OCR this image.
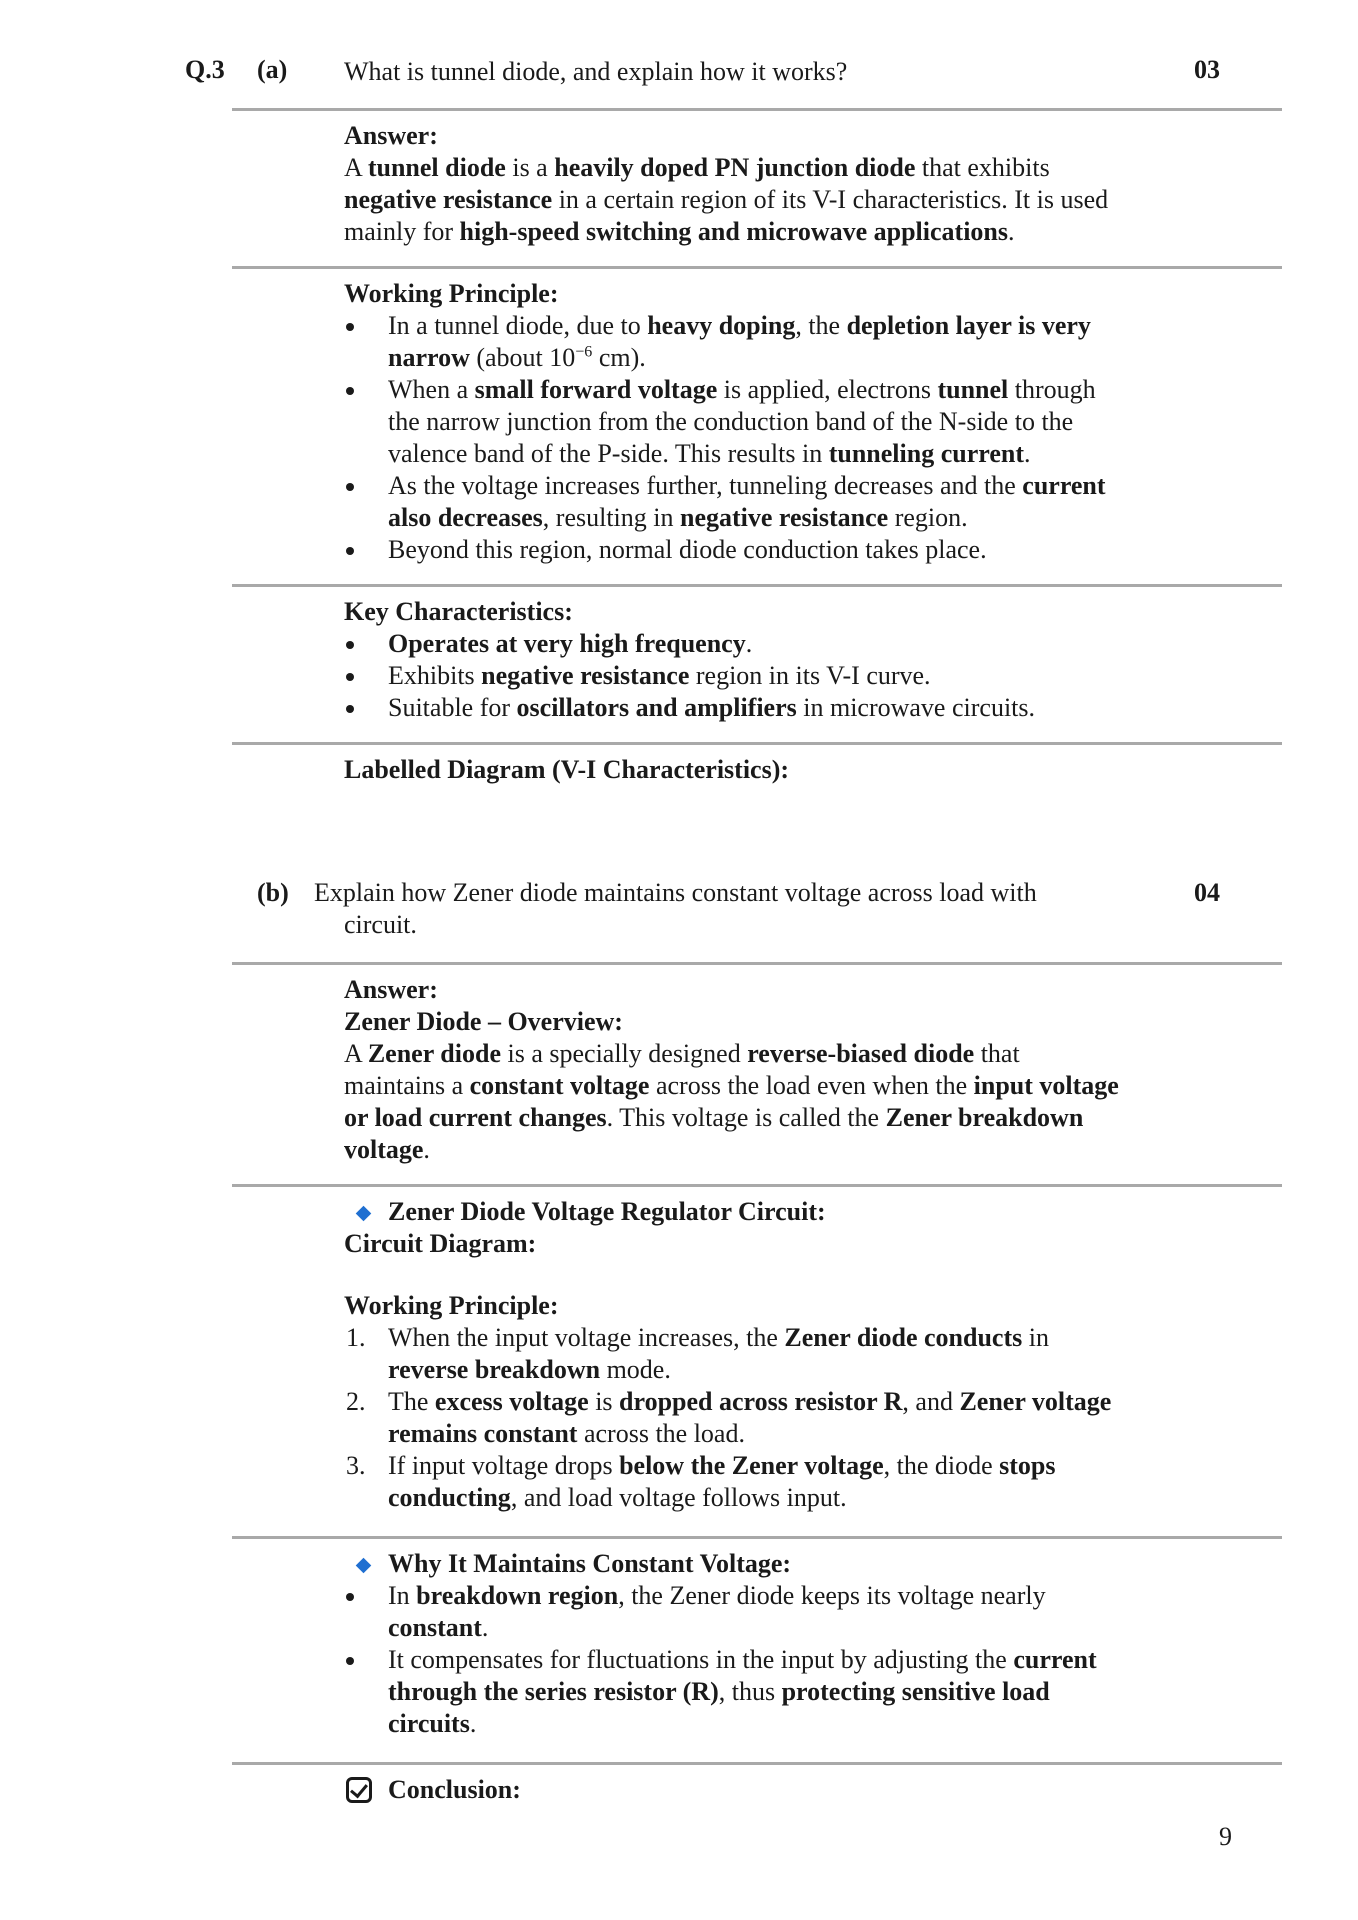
Q.3 (a) What is tunnel diode, and explain how it works?	03
Answer:
A tunnel diode is a heavily doped PN junction diode that exhibits
negative resistance in a certain region of its V-I characteristics. It is used
mainly for high-speed switching and microwave applications.
Working Principle:
In a tunnel diode, due to heavy doping, the depletion layer is very
narrow (about $10^{-6}$ cm).
When a small forward voltage is applied, electrons tunnel through
the narrow junction from the conduction band of the N-side to the
valence band of the P-side. This results in tunneling current.
As the voltage increases further, tunneling decreases and the current
also decreases, resulting in negative resistance region.
Beyond this region, normal diode conduction takes place.
Key Characteristics:
Operates at very high frequency.
Exhibits negative resistance region in its V-I curve.
Suitable for oscillators and amplifiers in microwave circuits.
Labelled Diagram (V-I Characteristics):
(b) Explain how Zener diode maintains constant voltage across load with
circuit.
04
Answer:
Zener Diode – Overview:
A Zener diode is a specially designed reverse-biased diode that
maintains a constant voltage across the load even when the input voltage
or load current changes. This voltage is called the Zener breakdown
voltage.
Zener Diode Voltage Regulator Circuit:
Circuit Diagram:
Working Principle:
1. When the input voltage increases, the Zener diode conducts in
reverse breakdown mode.
2. The excess voltage is dropped across resistor R, and Zener voltage
remains constant across the load.
3. If input voltage drops below the Zener voltage, the diode stops
conducting, and load voltage follows input.
Why It Maintains Constant Voltage:
In breakdown region, the Zener diode keeps its voltage nearly
constant.
It compensates for fluctuations in the input by adjusting the current
through the series resistor (R), thus protecting sensitive load
circuits.
Conclusion:
9
